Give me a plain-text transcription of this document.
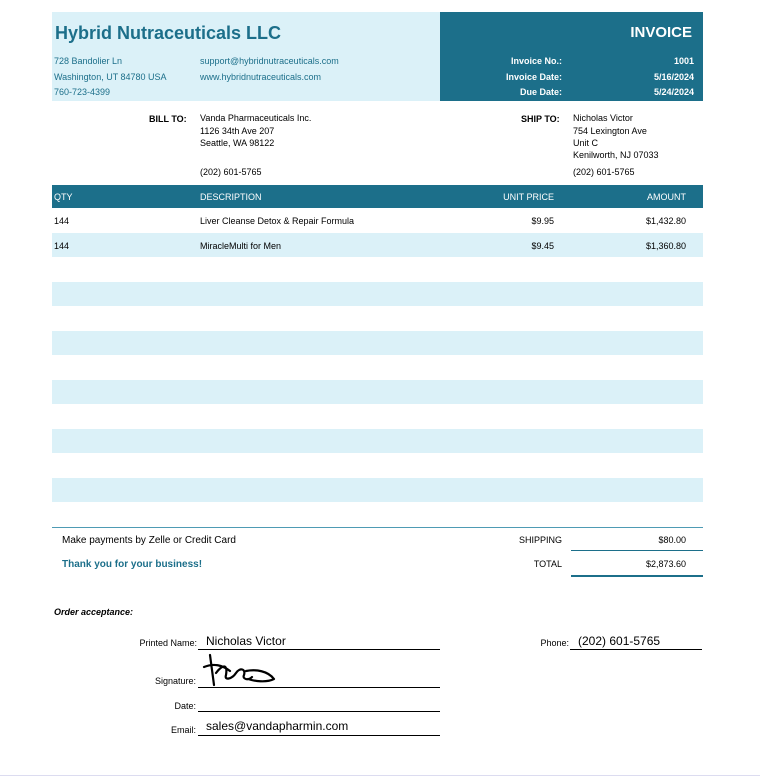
Hybrid Nutraceuticals LLC
728 Bandolier Ln
Washington, UT 84780 USA
760-723-4399
support@hybridnutraceuticals.com
www.hybridnutraceuticals.com
INVOICE
Invoice No.:	1001
Invoice Date:	5/16/2024
Due Date:	5/24/2024
BILL TO: Vanda Pharmaceuticals Inc.
1126 34th Ave 207
Seattle, WA 98122
(202) 601-5765
SHIP TO: Nicholas Victor
754 Lexington Ave
Unit C
Kenilworth, NJ 07033
(202) 601-5765
QTY	DESCRIPTION	UNIT PRICE	AMOUNT
144	Liver Cleanse Detox & Repair Formula	$9.95	$1,432.80
144	MiracleMulti for Men	$9.45	$1,360.80
Make payments by Zelle or Credit Card
Thank you for your business!
SHIPPING	$80.00
TOTAL	$2,873.60
Order acceptance:
Printed Name: Nicholas Victor	Phone: (202) 601-5765
Signature:
Date:
Email: sales@vandapharmin.com
